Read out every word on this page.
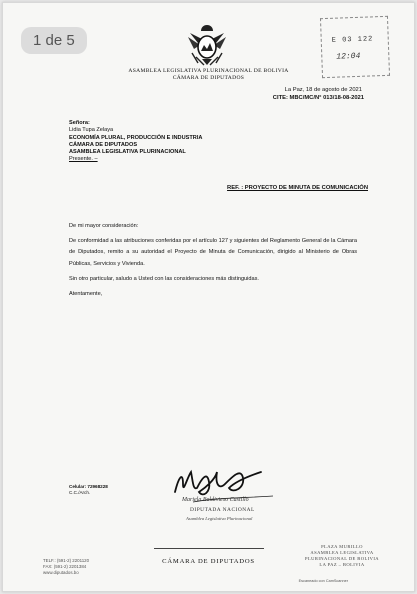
1 de 5
ASAMBLEA LEGISLATIVA PLURINACIONAL DE BOLIVIA
CÁMARA DE DIPUTADOS
E 03 122
12:04
La Paz, 18 de agosto de 2021
CITE: MBC/MC/N° 013/18-08-2021
Señora:
Lidia Tupa Zelaya
ECONOMÍA PLURAL, PRODUCCIÓN E INDUSTRIA
CÁMARA DE DIPUTADOS
ASAMBLEA LEGISLATIVA PLURINACIONAL
Presente. –
REF. : PROYECTO DE MINUTA DE COMUNICACIÓN

De mi mayor consideración:

De conformidad a las atribuciones conferidas por el artículo 127 y siguientes del Reglamento General de la Cámara de Diputados, remito a su autoridad el Proyecto de Minuta de Comunicación, dirigido al Ministerio de Obras Públicas, Servicios y Vivienda.

Sin otro particular, saludo a Usted con las consideraciones más distinguidas.

Atentamente,

Mariela Baldivieso Castillo
DIPUTADA NACIONAL
Asamblea Legislativa Plurinacional
Celular: 72968228
C.C./Arch.
TELF.: (591-2) 2201120
FAX: (591-2) 2201384
www.diputados.bo
CÁMARA DE DIPUTADOS
PLAZA MURILLO
ASAMBLEA LEGISLATIVA
PLURINACIONAL DE BOLIVIA
LA PAZ – BOLIVIA
Escaneado con CamScanner
